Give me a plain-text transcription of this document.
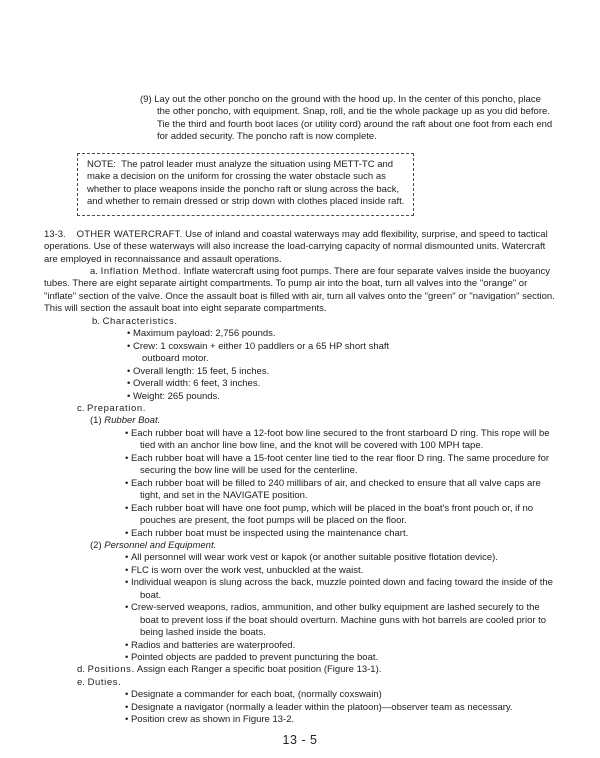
(9) Lay out the other poncho on the ground with the hood up. In the center of this poncho, place the other poncho, with equipment. Snap, roll, and tie the whole package up as you did before. Tie the third and fourth boot laces (or utility cord) around the raft about one foot from each end for added security. The poncho raft is now complete.

NOTE:  The patrol leader must analyze the situation using METT-TC and
make a decision on the uniform for crossing the water obstacle such as
whether to place weapons inside the poncho raft or slung across the back,
and whether to remain dressed or strip down with clothes placed inside raft.

13-3. OTHER WATERCRAFT. Use of inland and coastal waterways may add flexibility, surprise, and speed to tactical operations. Use of these waterways will also increase the load-carrying capacity of normal dismounted units. Watercraft are employed in reconnaissance and assault operations.

a. Inflation Method. Inflate watercraft using foot pumps. There are four separate valves inside the buoyancy tubes. There are eight separate airtight compartments. To pump air into the boat, turn all valves into the "orange" or "inflate" section of the valve. Once the assault boat is filled with air, turn all valves onto the "green" or "navigation" section. This will section the assault boat into eight separate compartments.

b. Characteristics.

• Maximum payload: 2,756 pounds.
• Crew: 1 coxswain + either 10 paddlers or a 65 HP short shaft outboard motor.
• Overall length: 15 feet, 5 inches.
• Overall width: 6 feet, 3 inches.
• Weight: 265 pounds.

c. Preparation.

(1) Rubber Boat.

• Each rubber boat will have a 12-foot bow line secured to the front starboard D ring. This rope will be tied with an anchor line bow line, and the knot will be covered with 100 MPH tape.
• Each rubber boat will have a 15-foot center line tied to the rear floor D ring. The same procedure for securing the bow line will be used for the centerline.
• Each rubber boat will be filled to 240 millibars of air, and checked to ensure that all valve caps are tight, and set in the NAVIGATE position.
• Each rubber boat will have one foot pump, which will be placed in the boat's front pouch or, if no pouches are present, the foot pumps will be placed on the floor.
• Each rubber boat must be inspected using the maintenance chart.

(2) Personnel and Equipment.

• All personnel will wear work vest or kapok (or another suitable positive flotation device).
• FLC is worn over the work vest, unbuckled at the waist.
• Individual weapon is slung across the back, muzzle pointed down and facing toward the inside of the boat.
• Crew-served weapons, radios, ammunition, and other bulky equipment are lashed securely to the boat to prevent loss if the boat should overturn. Machine guns with hot barrels are cooled prior to being lashed inside the boats.
• Radios and batteries are waterproofed.
• Pointed objects are padded to prevent puncturing the boat.

d. Positions. Assign each Ranger a specific boat position (Figure 13-1).

e. Duties.

• Designate a commander for each boat, (normally coxswain)
• Designate a navigator (normally a leader within the platoon)—observer team as necessary.
• Position crew as shown in Figure 13-2.
13 - 5
